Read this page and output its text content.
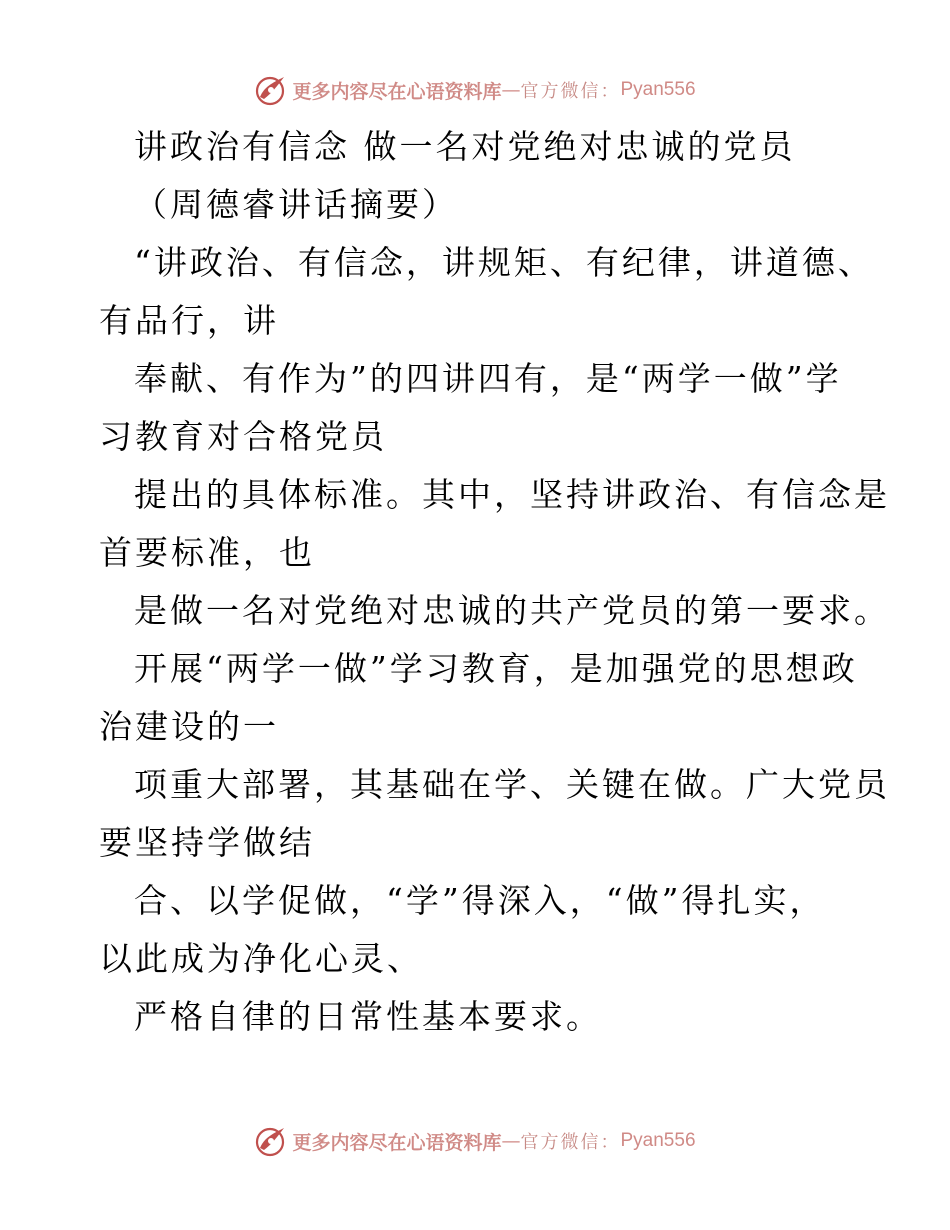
更多内容尽在心语资料库 — 官方微信： Pyan556
讲政治有信念 做一名对党绝对忠诚的党员
（周德睿讲话摘要）
“讲政治、有信念，讲规矩、有纪律，讲道德、
有品行，讲
奉献、有作为”的四讲四有，是“两学一做”学
习教育对合格党员
提出的具体标准。其中，坚持讲政治、有信念是
首要标准，也
是做一名对党绝对忠诚的共产党员的第一要求。
开展“两学一做”学习教育，是加强党的思想政
治建设的一
项重大部署，其基础在学、关键在做。广大党员
要坚持学做结
合、以学促做，“学”得深入，“做”得扎实，
以此成为净化心灵、
严格自律的日常性基本要求。
更多内容尽在心语资料库 — 官方微信： Pyan556
